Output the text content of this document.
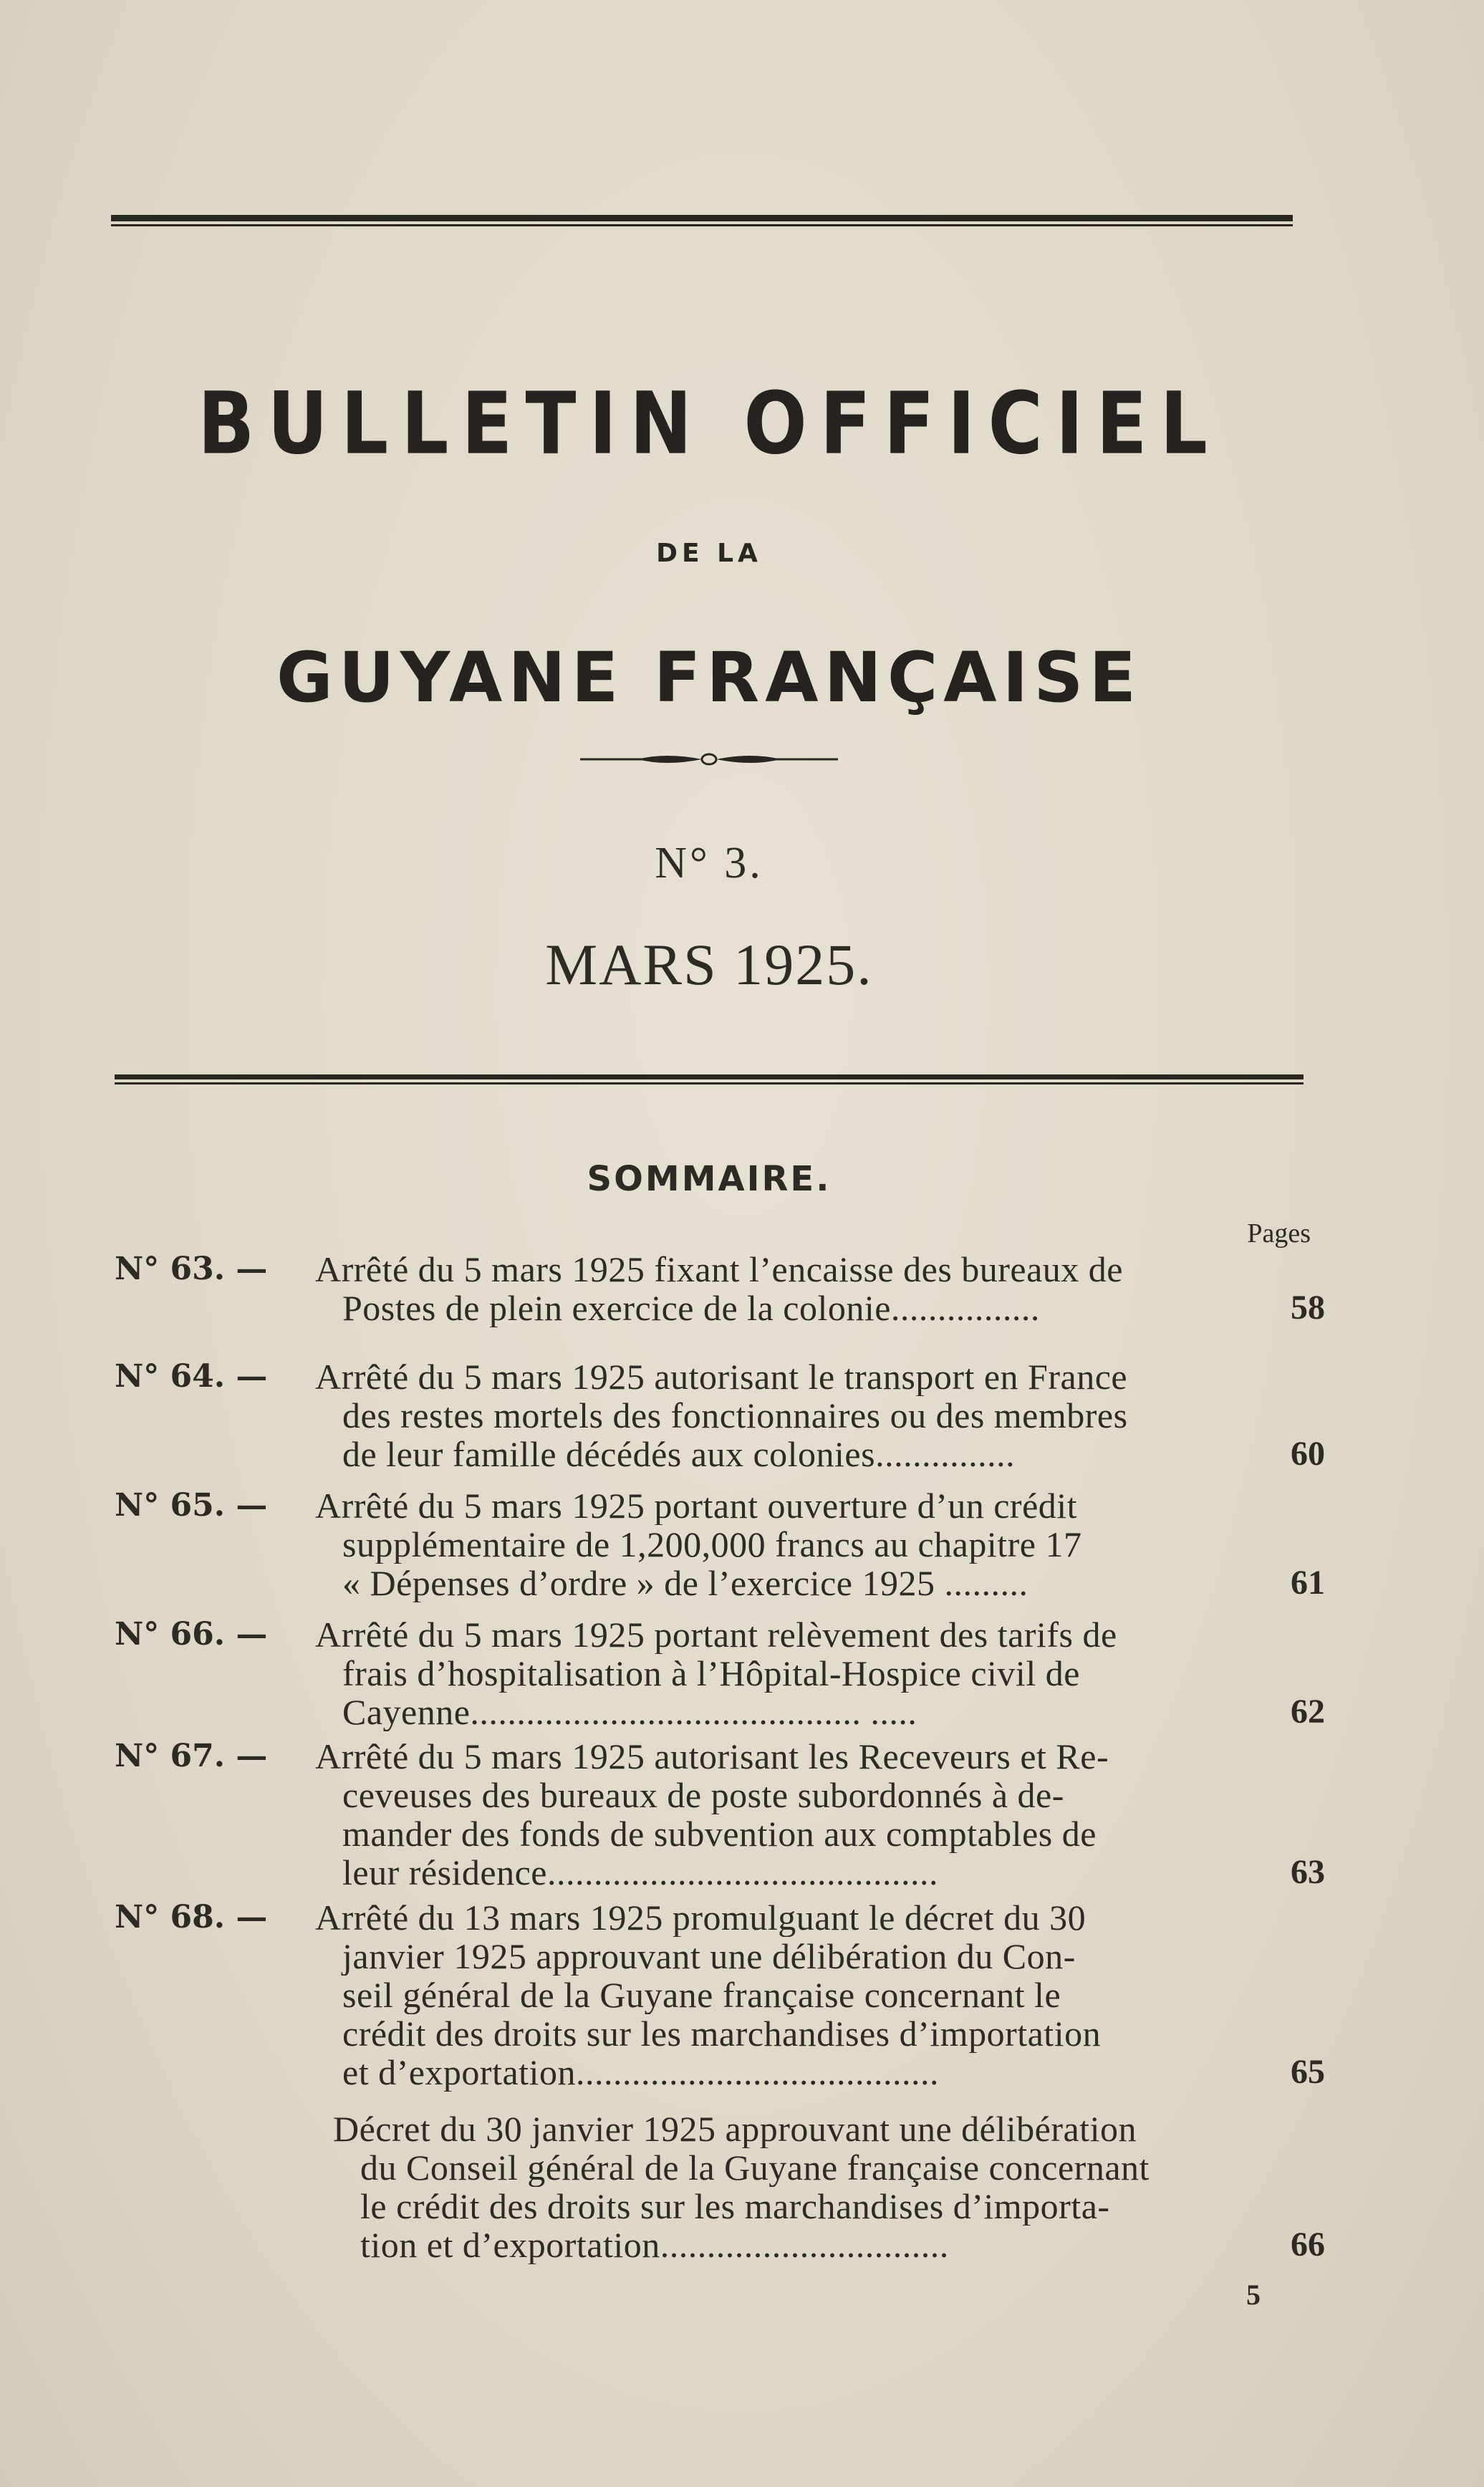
BULLETIN OFFICIEL
DE LA
GUYANE FRANÇAISE
N° 3.
MARS 1925.
SOMMAIRE.
Pages
N° 63. —	Arrêté du 5 mars 1925 fixant l’encaisse des bureaux de
Postes de plein exercice de la colonie................	58
N° 64. —	Arrêté du 5 mars 1925 autorisant le transport en France
des restes mortels des fonctionnaires ou des membres
de leur famille décédés aux colonies...............	60
N° 65. —	Arrêté du 5 mars 1925 portant ouverture d’un crédit
supplémentaire de 1,200,000 francs au chapitre 17
« Dépenses d’ordre » de l’exercice 1925 .........	61
N° 66. —	Arrêté du 5 mars 1925 portant relèvement des tarifs de
frais d’hospitalisation à l’Hôpital-Hospice civil de
Cayenne.......................................... .....	62
N° 67. —	Arrêté du 5 mars 1925 autorisant les Receveurs et Re-
ceveuses des bureaux de poste subordonnés à de-
mander des fonds de subvention aux comptables de
leur résidence..........................................	63
N° 68. —	Arrêté du 13 mars 1925 promulguant le décret du 30
janvier 1925 approuvant une délibération du Con-
seil général de la Guyane française concernant le
crédit des droits sur les marchandises d’importation
et d’exportation.......................................	65
Décret du 30 janvier 1925 approuvant une délibération
du Conseil général de la Guyane française concernant
le crédit des droits sur les marchandises d’importa-
tion et d’exportation...............................	66
5
